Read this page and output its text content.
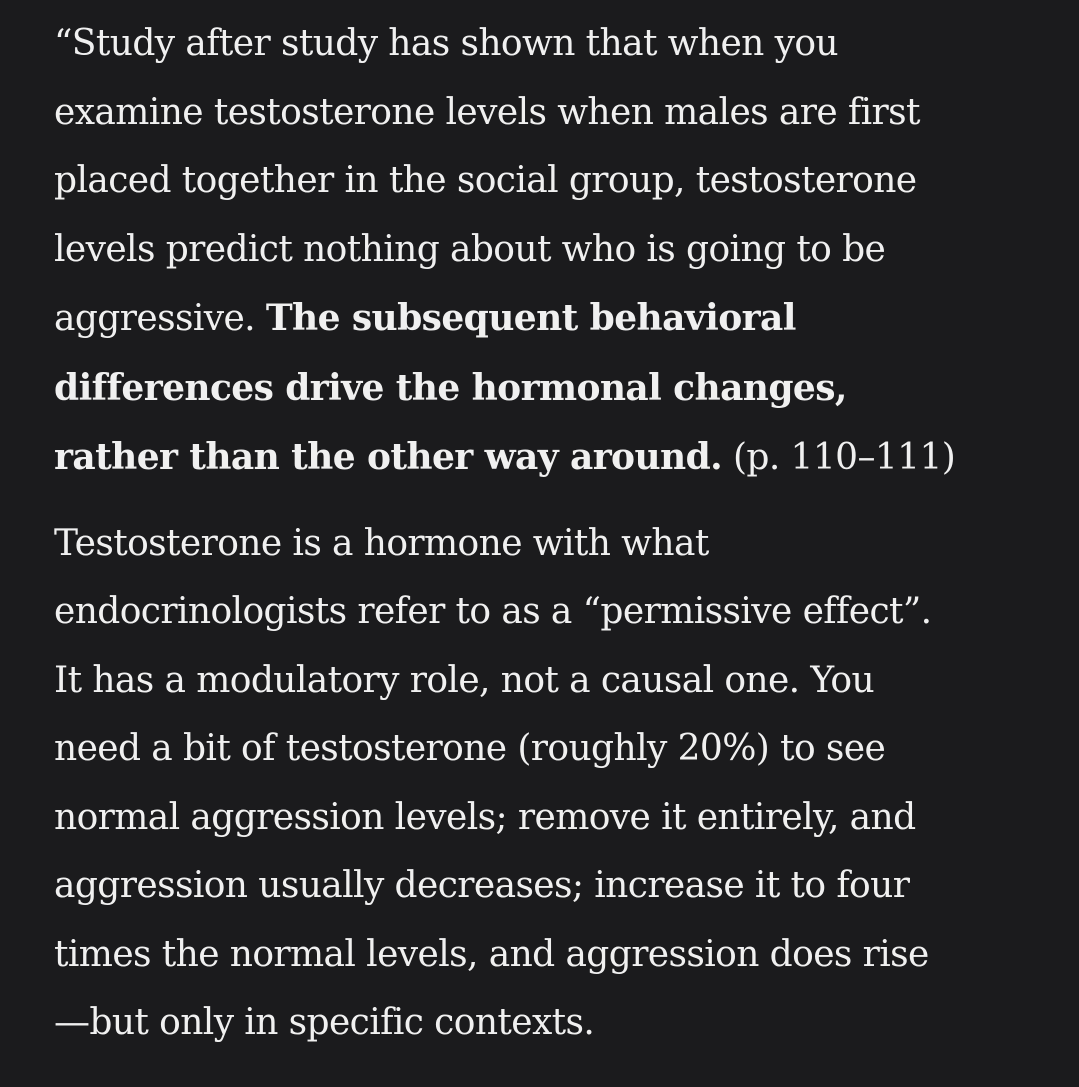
“Study after study has shown that when you
examine testosterone levels when males are first
placed together in the social group, testosterone
levels predict nothing about who is going to be
aggressive. The subsequent behavioral
differences drive the hormonal changes,
rather than the other way around. (p. 110–111)

Testosterone is a hormone with what
endocrinologists refer to as a “permissive effect”.
It has a modulatory role, not a causal one. You
need a bit of testosterone (roughly 20%) to see
normal aggression levels; remove it entirely, and
aggression usually decreases; increase it to four
times the normal levels, and aggression does rise
—but only in specific contexts.
